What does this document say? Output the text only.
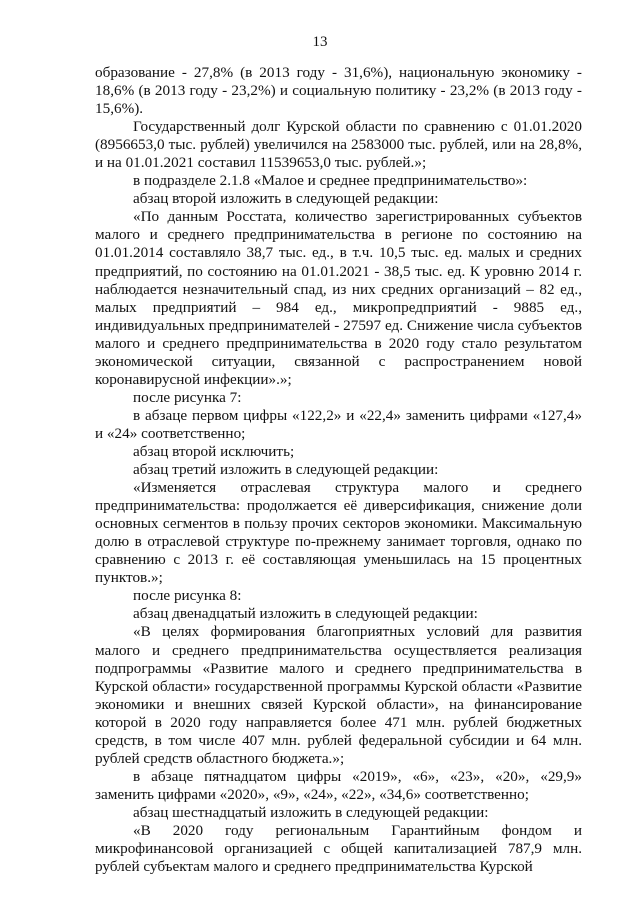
13

образование - 27,8% (в 2013 году - 31,6%), национальную экономику - 18,6% (в 2013 году - 23,2%) и социальную политику - 23,2% (в 2013 году - 15,6%).

Государственный долг Курской области по сравнению с 01.01.2020 (8956653,0 тыс. рублей) увеличился на 2583000 тыс. рублей, или на 28,8%, и на 01.01.2021 составил 11539653,0 тыс. рублей.»;

в подразделе 2.1.8 «Малое и среднее предпринимательство»:

абзац второй изложить в следующей редакции:

«По данным Росстата, количество зарегистрированных субъектов малого и среднего предпринимательства в регионе по состоянию на 01.01.2014 составляло 38,7 тыс. ед., в т.ч. 10,5 тыс. ед. малых и средних предприятий, по состоянию на 01.01.2021 - 38,5 тыс. ед. К уровню 2014 г. наблюдается незначительный спад, из них средних организаций – 82 ед., малых предприятий – 984 ед., микропредприятий - 9885 ед., индивидуальных предпринимателей - 27597 ед. Снижение числа субъектов малого и среднего предпринимательства в 2020 году стало результатом экономической ситуации, связанной с распространением новой коронавирусной инфекции».»;

после рисунка 7:

в абзаце первом цифры «122,2» и «22,4» заменить цифрами «127,4» и «24» соответственно;

абзац второй исключить;

абзац третий изложить в следующей редакции:

«Изменяется отраслевая структура малого и среднего предпринимательства: продолжается её диверсификация, снижение доли основных сегментов в пользу прочих секторов экономики. Максимальную долю в отраслевой структуре по-прежнему занимает торговля, однако по сравнению с 2013 г. её составляющая уменьшилась на 15 процентных пунктов.»;

после рисунка 8:

абзац двенадцатый изложить в следующей редакции:

«В целях формирования благоприятных условий для развития малого и среднего предпринимательства осуществляется реализация подпрограммы «Развитие малого и среднего предпринимательства в Курской области» государственной программы Курской области «Развитие экономики и внешних связей Курской области», на финансирование которой в 2020 году направляется более 471 млн. рублей бюджетных средств, в том числе 407 млн. рублей федеральной субсидии и 64 млн. рублей средств областного бюджета.»;

в абзаце пятнадцатом цифры «2019», «6», «23», «20», «29,9» заменить цифрами «2020», «9», «24», «22», «34,6» соответственно;

абзац шестнадцатый изложить в следующей редакции:

«В 2020 году региональным Гарантийным фондом и микрофинансовой организацией с общей капитализацией 787,9 млн. рублей субъектам малого и среднего предпринимательства Курской
